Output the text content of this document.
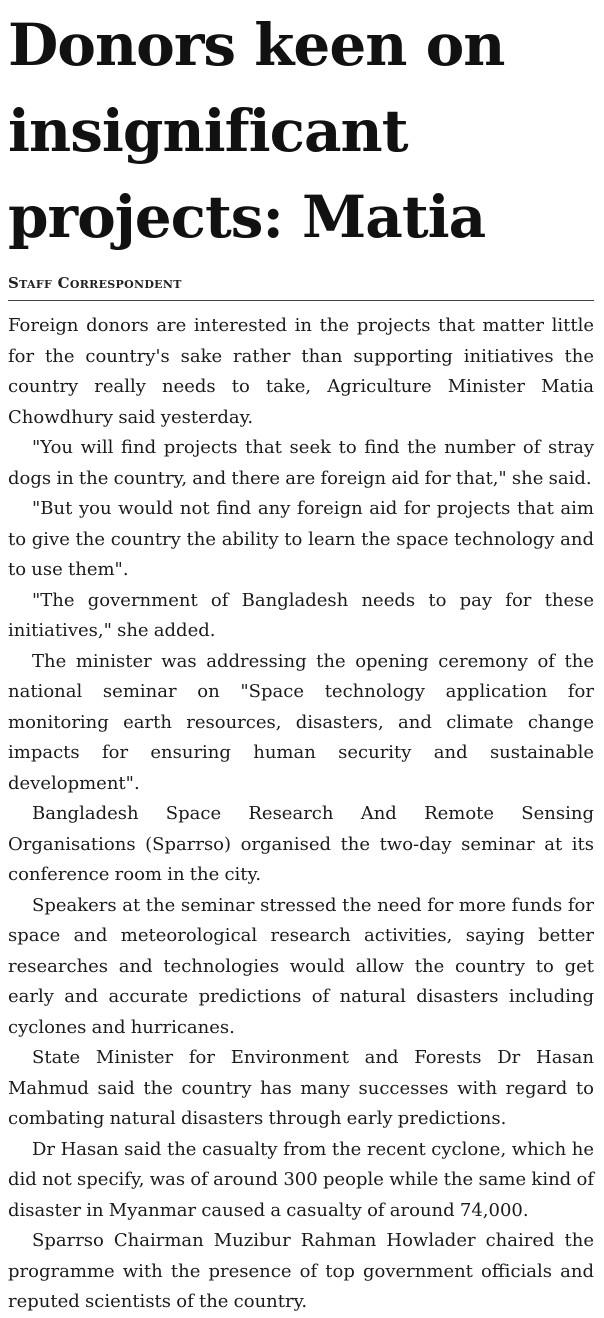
Donors keen on insignificant projects: Matia
Staff Correspondent

Foreign donors are interested in the projects that matter little for the country's sake rather than supporting initiatives the country really needs to take, Agriculture Minister Matia Chowdhury said yesterday.

"You will find projects that seek to find the number of stray dogs in the country, and there are foreign aid for that," she said.

"But you would not find any foreign aid for projects that aim to give the country the ability to learn the space technology and to use them".

"The government of Bangladesh needs to pay for these initiatives," she added.

The minister was addressing the opening ceremony of the national seminar on "Space technology application for monitoring earth resources, disasters, and climate change impacts for ensuring human security and sustainable development".

Bangladesh Space Research And Remote Sensing Organisations (Sparrso) organised the two-day seminar at its conference room in the city.

Speakers at the seminar stressed the need for more funds for space and meteorological research activities, saying better researches and technologies would allow the country to get early and accurate predictions of natural disasters including cyclones and hurricanes.

State Minister for Environment and Forests Dr Hasan Mahmud said the country has many successes with regard to combating natural disasters through early predictions.

Dr Hasan said the casualty from the recent cyclone, which he did not specify, was of around 300 people while the same kind of disaster in Myanmar caused a casualty of around 74,000.

Sparrso Chairman Muzibur Rahman Howlader chaired the programme with the presence of top government officials and reputed scientists of the country.
